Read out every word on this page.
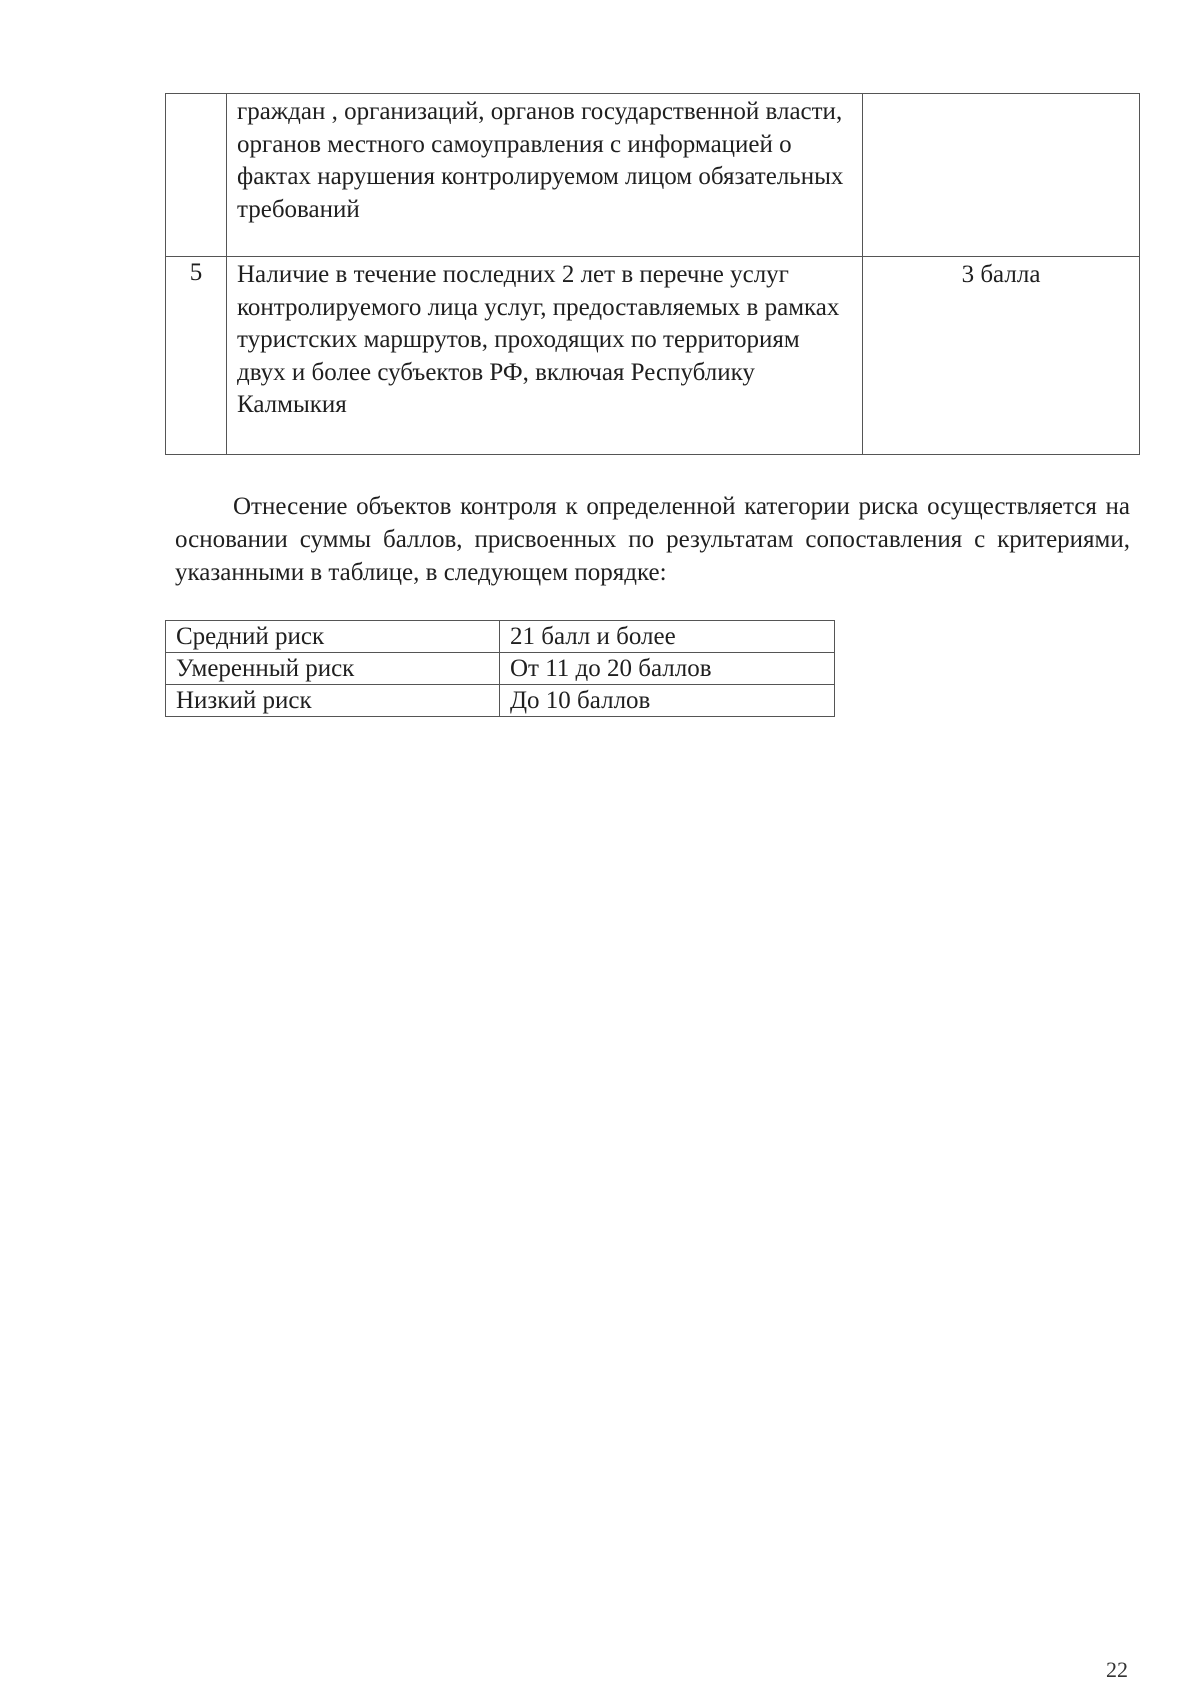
	граждан , организаций, органов государственной власти, органов местного самоуправления с информацией о фактах нарушения контролируемом лицом обязательных требований	
5	Наличие в течение последних 2 лет в перечне услуг контролируемого лица услуг, предоставляемых в рамках туристских маршрутов, проходящих по территориям двух и более субъектов РФ, включая Республику Калмыкия	3 балла

Отнесение объектов контроля к определенной категории риска осуществляется на основании суммы баллов, присвоенных по результатам сопоставления с критериями, указанными в таблице, в следующем порядке:

Средний риск	21 балл и более
Умеренный риск	От 11 до 20 баллов
Низкий риск	До 10 баллов
22
